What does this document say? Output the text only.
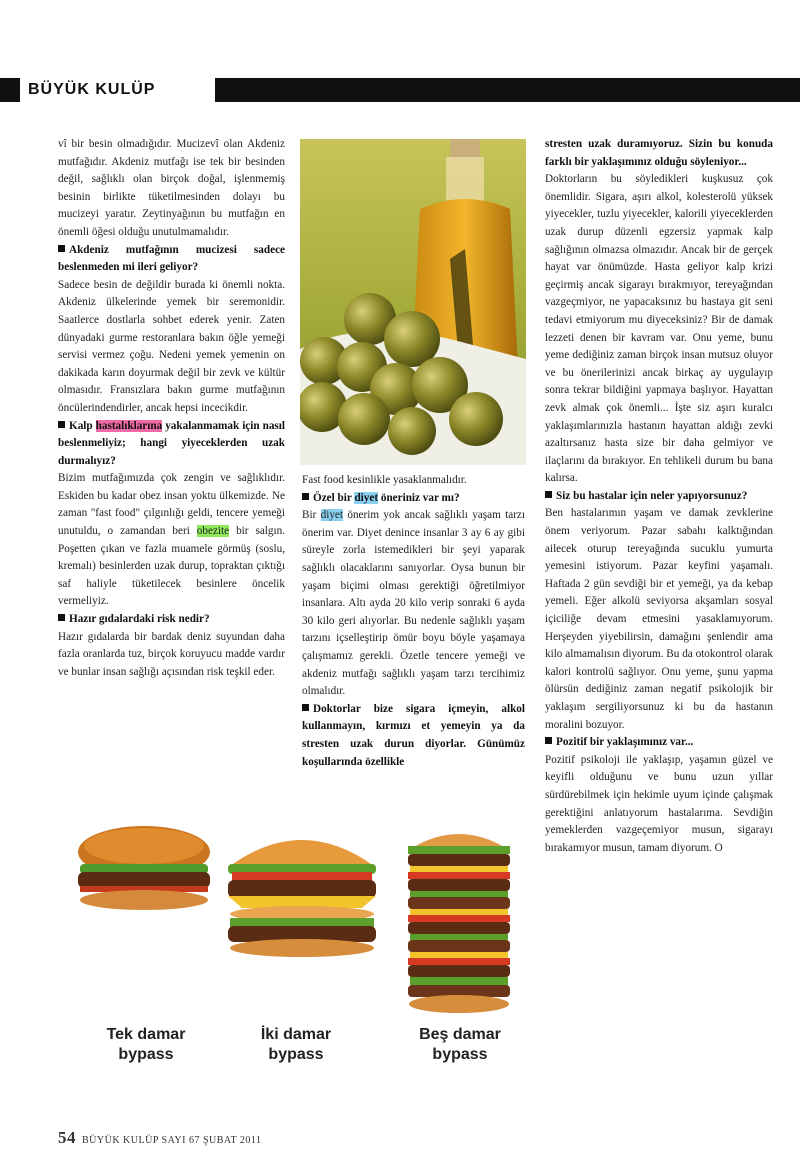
BÜYÜK KULÜP

vî bir besin olmadığıdır. Mucizevî olan Akdeniz mutfağıdır. Akdeniz mutfağı ise tek bir besinden değil, sağlıklı olan birçok doğal, işlenmemiş besinin birlikte tüketilmesinden dolayı bu mucizeyi yaratır. Zeytinyağının bu mutfağın en önemli öğesi olduğu unutulmamalıdır.

Akdeniz mutfağının mucizesi sadece beslenmeden mi ileri geliyor?

Sadece besin de değildir burada ki önemli nokta. Akdeniz ülkelerinde yemek bir seremonidir. Saatlerce dostlarla sohbet ederek yenir. Zaten dünyadaki gurme restoranlara bakın öğle yemeği servisi vermez çoğu. Nedeni yemek yemenin on dakikada karın doyurmak değil bir zevk ve kültür olmasıdır. Fransızlara bakın gurme mutfağının öncülerindendirler, ancak hepsi incecikdir.

Kalp hastalıklarına yakalanmamak için nasıl beslenmeliyiz; hangi yiyeceklerden uzak durmalıyız?

Bizim mutfağımızda çok zengin ve sağlıklıdır. Eskiden bu kadar obez insan yoktu ülkemizde. Ne zaman "fast food" çılgınlığı geldi, tencere yemeği unutuldu, o zamandan beri obezite bir salgın. Poşetten çıkan ve fazla muamele görmüş (soslu, kremalı) besinlerden uzak durup, topraktan çıktığı saf haliyle tüketilecek besinlere öncelik vermeliyiz.

Hazır gıdalardaki risk nedir?

Hazır gıdalarda bir bardak deniz suyundan daha fazla oranlarda tuz, birçok koruyucu madde vardır ve bunlar insan sağlığı açısından risk teşkil eder.

Fast food kesinlikle yasaklanmalıdır.

Özel bir diyet öneriniz var mı?

Bir diyet önerim yok ancak sağlıklı yaşam tarzı önerim var. Diyet denince insanlar 3 ay 6 ay gibi süreyle zorla istemedikleri bir şeyi yaparak sağlıklı olacaklarını sanıyorlar. Oysa bunun bir yaşam biçimi olması gerektiği öğretilmiyor insanlara. Altı ayda 20 kilo verip sonraki 6 ayda 30 kilo geri alıyorlar. Bu nedenle sağlıklı yaşam tarzını içselleştirip ömür boyu böyle yaşamaya çalışmamız gerekli. Özetle tencere yemeği ve akdeniz mutfağı sağlıklı yaşam tarzı tercihimiz olmalıdır.

Doktorlar bize sigara içmeyin, alkol kullanmayın, kırmızı et yemeyin ya da stresten uzak durun diyorlar. Günümüz koşullarında özellikle

stresten uzak duramıyoruz. Sizin bu konuda farklı bir yaklaşımınız olduğu söyleniyor...

Doktorların bu söyledikleri kuşkusuz çok önemlidir. Sigara, aşırı alkol, kolesterolü yüksek yiyecekler, tuzlu yiyecekler, kalorili yiyeceklerden uzak durup düzenli egzersiz yapmak kalp sağlığının olmazsa olmazıdır. Ancak bir de gerçek hayat var önümüzde. Hasta geliyor kalp krizi geçirmiş ancak sigarayı bırakmıyor, tereyağından vazgeçmiyor, ne yapacaksınız bu hastaya git seni tedavi etmiyorum mu diyeceksiniz? Bir de damak lezzeti denen bir kavram var. Onu yeme, bunu yeme dediğiniz zaman birçok insan mutsuz oluyor ve bu önerilerinizi ancak birkaç ay uygulayıp sonra tekrar bildiğini yapmaya başlıyor. Hayattan zevk almak çok önemli... İşte siz aşırı kuralcı yaklaşımlarınızla hastanın hayattan aldığı zevki azaltırsanız hasta size bir daha gelmiyor ve ilaçlarını da bırakıyor. En tehlikeli durum bu bana kalırsa.

Siz bu hastalar için neler yapıyorsunuz?

Ben hastalarımın yaşam ve damak zevklerine önem veriyorum. Pazar sabahı kalktığından ailecek oturup tereyağında sucuklu yumurta yemesini istiyorum. Pazar keyfini yaşamalı. Haftada 2 gün sevdiği bir et yemeği, ya da kebap yemeli. Eğer alkolü seviyorsa akşamları sosyal içiciliğe devam etmesini yasaklamıyorum. Herşeyden yiyebilirsin, damağını şenlendir ama kilo almamalısın diyorum. Bu da otokontrol olarak kalori kontrolü sağlıyor. Onu yeme, şunu yapma ölürsün dediğiniz zaman negatif psikolojik bir yaklaşım sergiliyorsunuz ki bu da hastanın moralini bozuyor.

Pozitif bir yaklaşımınız var...

Pozitif psikoloji ile yaklaşıp, yaşamın güzel ve keyifli olduğunu ve bunu uzun yıllar sürdürebilmek için hekimle uyum içinde çalışmak gerektiğini anlatıyorum hastalarıma. Sevdiğin yemeklerden vazgeçemiyor musun, sigarayı bırakamıyor musun, tamam diyorum. O

Tek damar
bypass
İki damar
bypass
Beş damar
bypass
54 BÜYÜK KULÜP SAYI 67 ŞUBAT 2011
